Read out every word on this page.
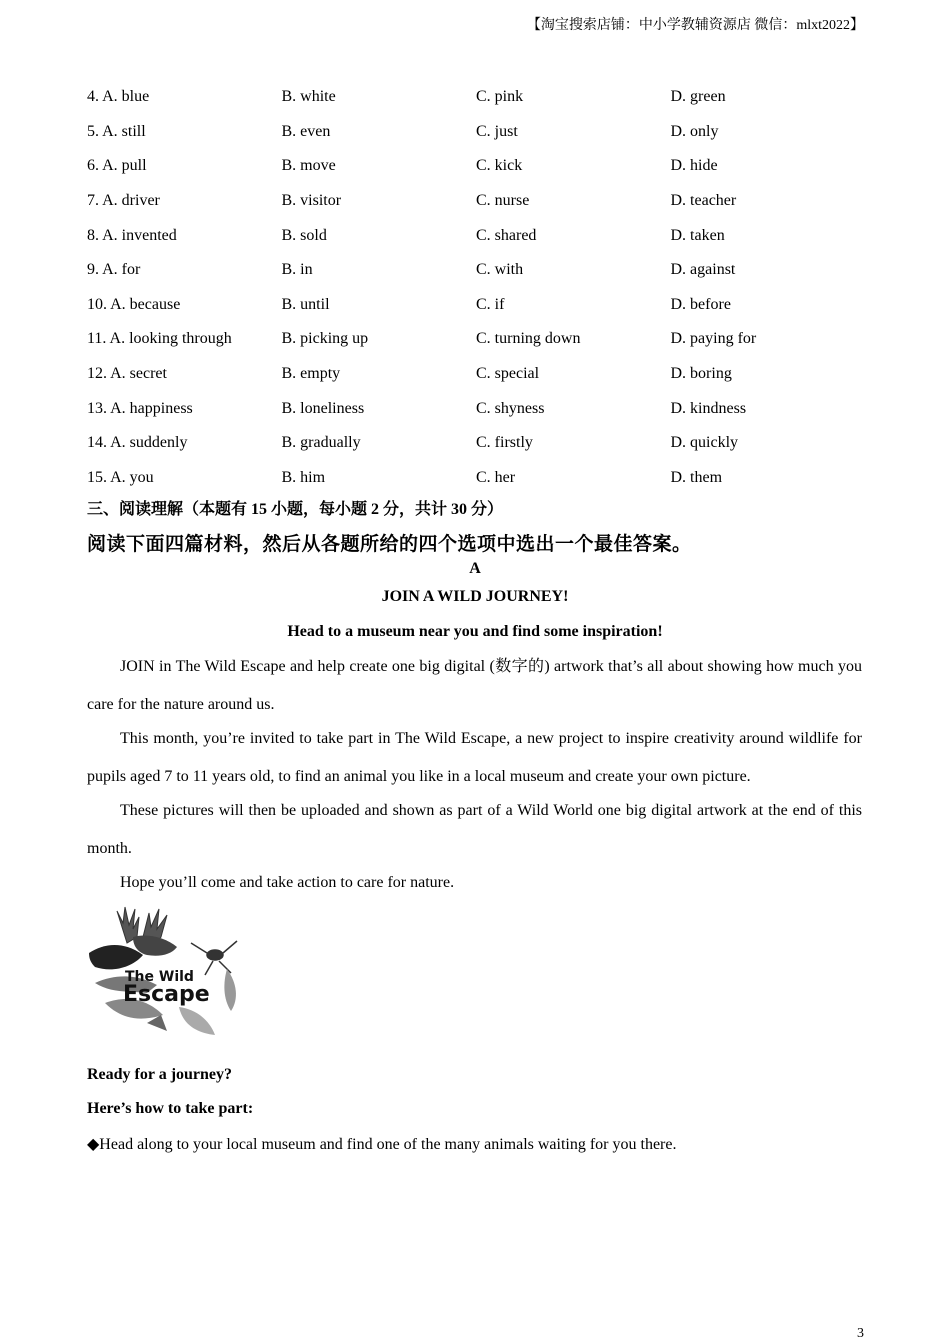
【淘宝搜索店铺：中小学教辅资源店 微信：mlxt2022】
4. A. blue	B. white	C. pink	D. green
5. A. still	B. even	C. just	D. only
6. A. pull	B. move	C. kick	D. hide
7. A. driver	B. visitor	C. nurse	D. teacher
8. A. invented	B. sold	C. shared	D. taken
9. A. for	B. in	C. with	D. against
10. A. because	B. until	C. if	D. before
11. A. looking through	B. picking up	C. turning down	D. paying for
12. A. secret	B. empty	C. special	D. boring
13. A. happiness	B. loneliness	C. shyness	D. kindness
14. A. suddenly	B. gradually	C. firstly	D. quickly
15. A. you	B. him	C. her	D. them
三、阅读理解（本题有 15 小题，每小题 2 分，共计 30 分）
阅读下面四篇材料，然后从各题所给的四个选项中选出一个最佳答案。
A
JOIN A WILD JOURNEY!
Head to a museum near you and find some inspiration!
JOIN in The Wild Escape and help create one big digital (数字的) artwork that’s all about showing how much you care for the nature around us.
This month, you’re invited to take part in The Wild Escape, a new project to inspire creativity around wildlife for pupils aged 7 to 11 years old, to find an animal you like in a local museum and create your own picture.
These pictures will then be uploaded and shown as part of a Wild World one big digital artwork at the end of this month.
Hope you’ll come and take action to care for nature.
The Wild
Escape
Ready for a journey?
Here’s how to take part:
◆Head along to your local museum and find one of the many animals waiting for you there.
3
